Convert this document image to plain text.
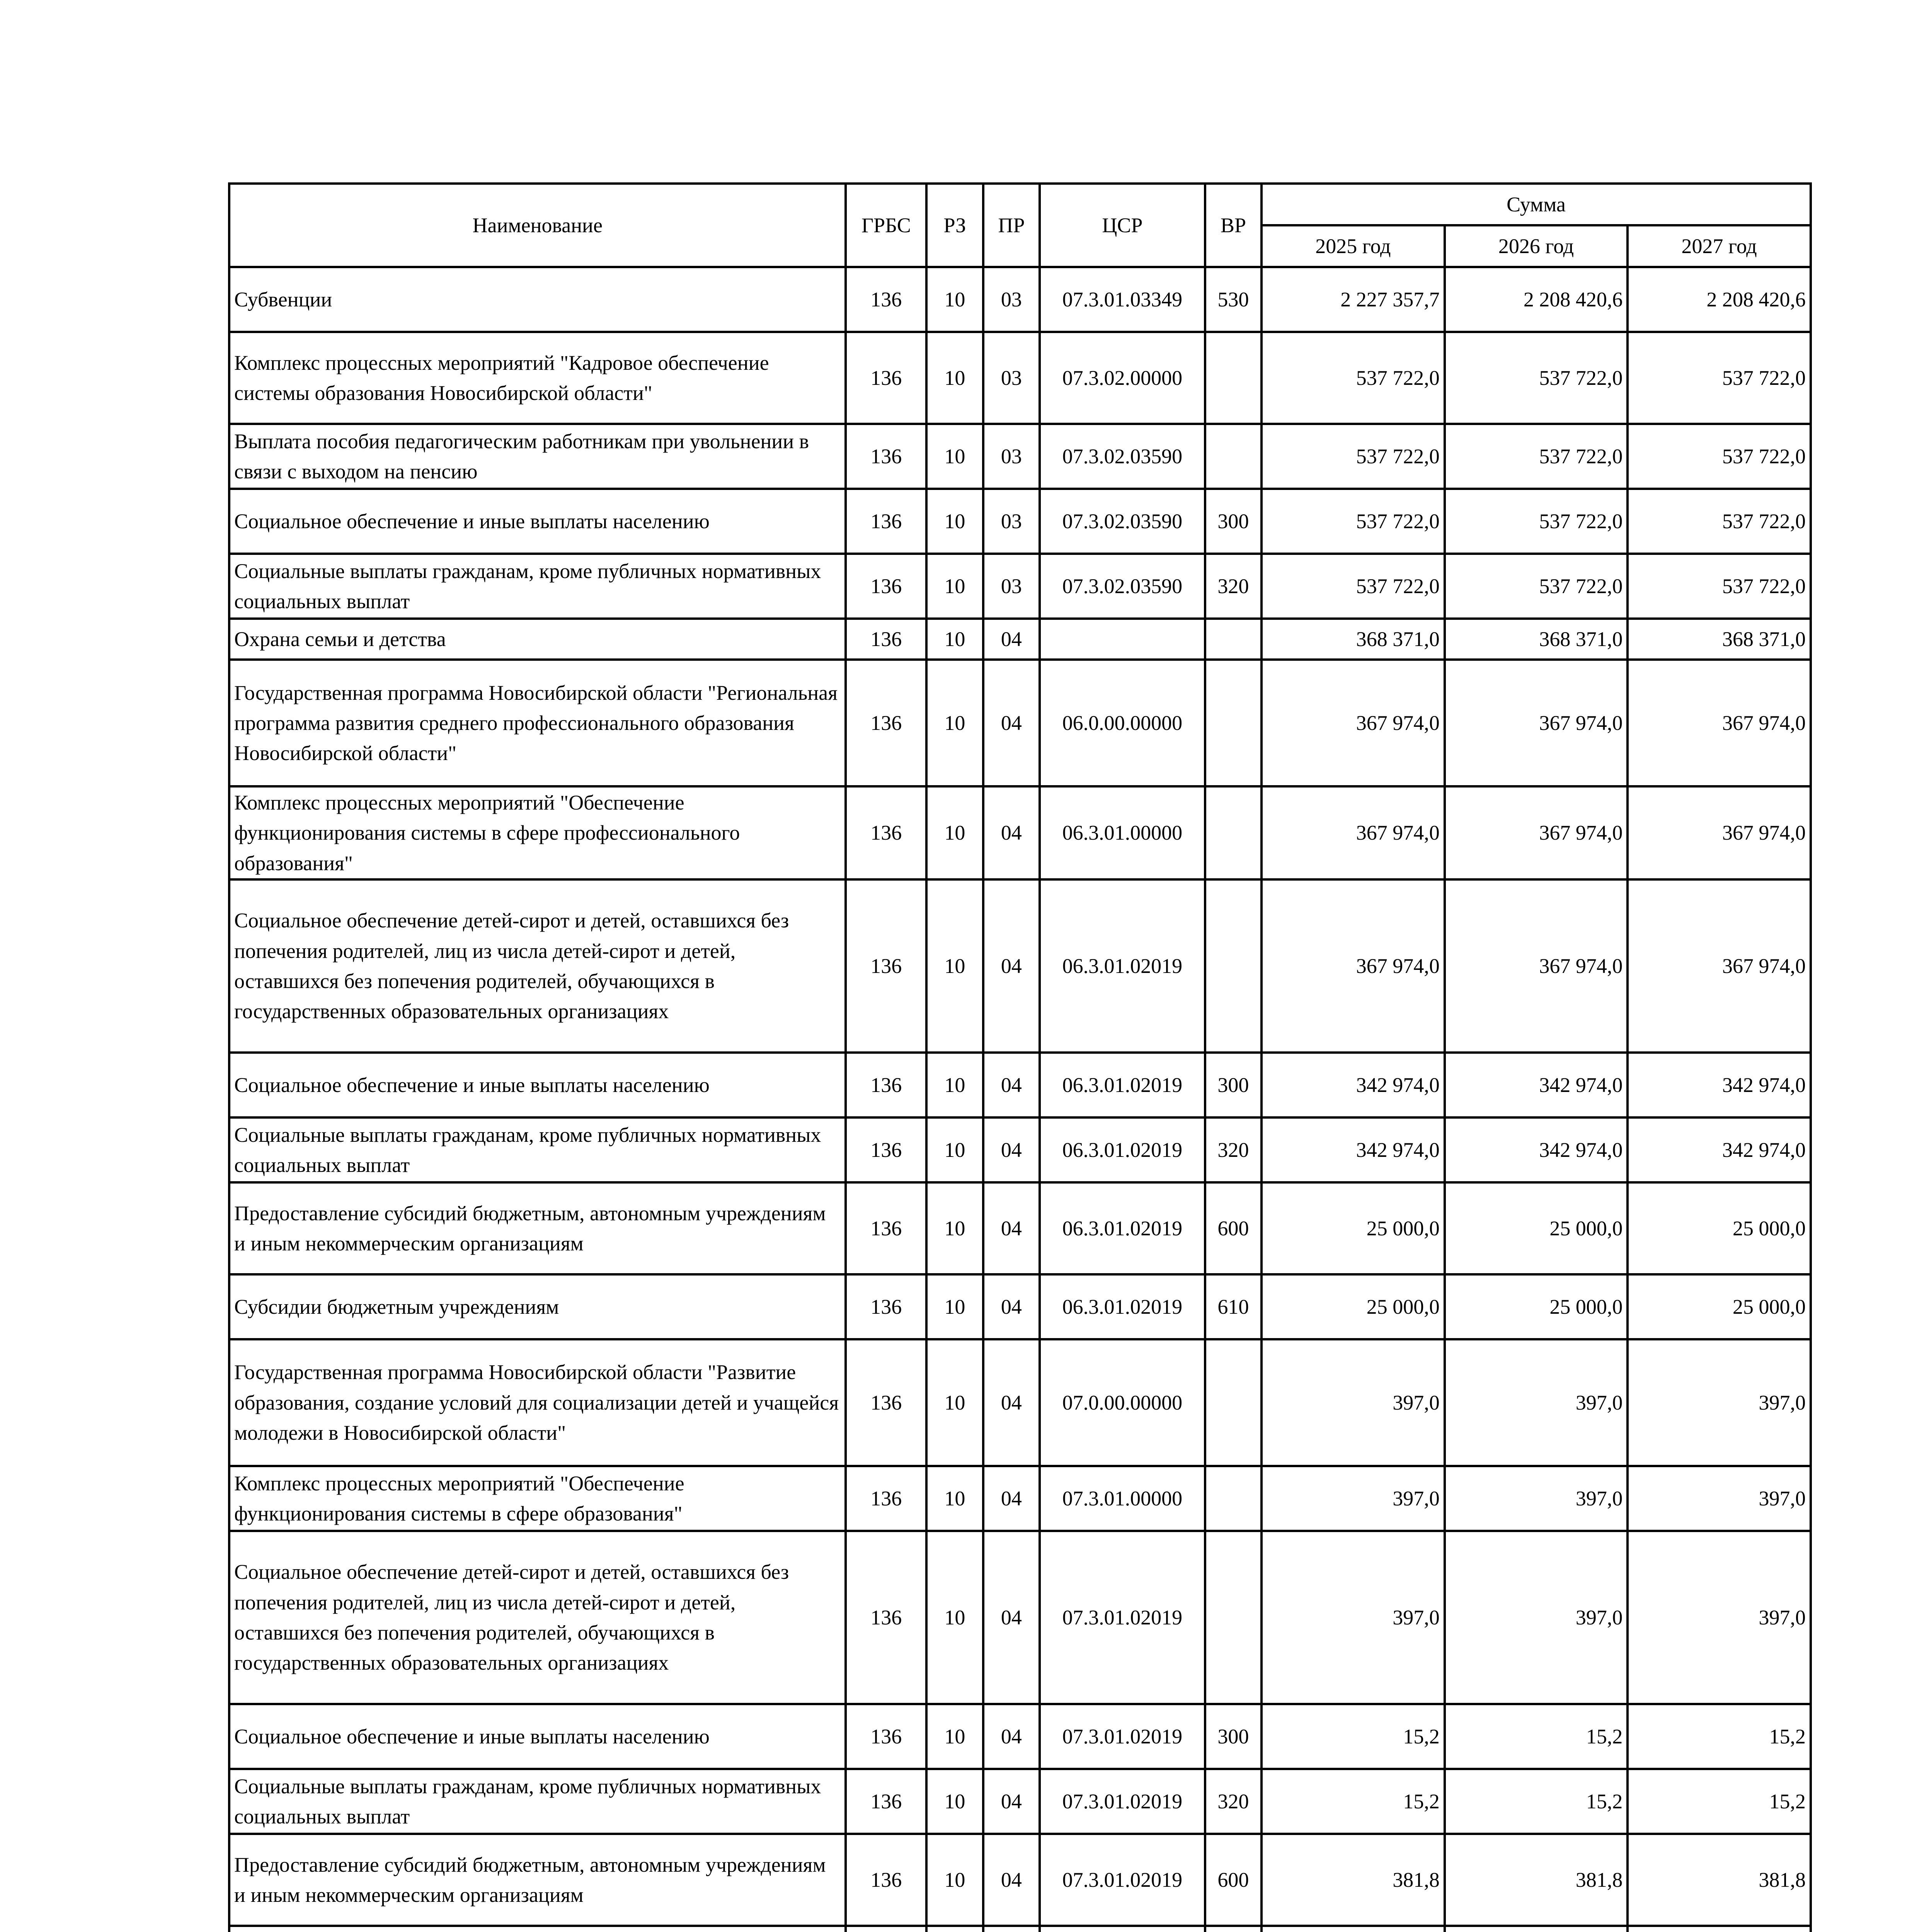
Наименование	ГРБС	РЗ	ПР	ЦСР	ВР	Сумма		
						2025 год	2026 год	2027 год
Субвенции	136	10	03	07.3.01.03349	530	2 227 357,7	2 208 420,6	2 208 420,6
Комплекс процессных мероприятий "Кадровое обеспечение системы образования Новосибирской области"	136	10	03	07.3.02.00000		537 722,0	537 722,0	537 722,0
Выплата пособия педагогическим работникам при увольнении в связи с выходом на пенсию	136	10	03	07.3.02.03590		537 722,0	537 722,0	537 722,0
Социальное обеспечение и иные выплаты населению	136	10	03	07.3.02.03590	300	537 722,0	537 722,0	537 722,0
Социальные выплаты гражданам, кроме публичных нормативных социальных выплат	136	10	03	07.3.02.03590	320	537 722,0	537 722,0	537 722,0
Охрана семьи и детства	136	10	04			368 371,0	368 371,0	368 371,0
Государственная программа Новосибирской области "Региональная программа развития среднего профессионального образования Новосибирской области"	136	10	04	06.0.00.00000		367 974,0	367 974,0	367 974,0
Комплекс процессных мероприятий "Обеспечение функционирования системы в сфере профессионального образования"	136	10	04	06.3.01.00000		367 974,0	367 974,0	367 974,0
Социальное обеспечение детей-сирот и детей, оставшихся без попечения родителей, лиц из числа детей-сирот и детей, оставшихся без попечения родителей, обучающихся в государственных образовательных организациях	136	10	04	06.3.01.02019		367 974,0	367 974,0	367 974,0
Социальное обеспечение и иные выплаты населению	136	10	04	06.3.01.02019	300	342 974,0	342 974,0	342 974,0
Социальные выплаты гражданам, кроме публичных нормативных социальных выплат	136	10	04	06.3.01.02019	320	342 974,0	342 974,0	342 974,0
Предоставление субсидий бюджетным, автономным учреждениям и иным некоммерческим организациям	136	10	04	06.3.01.02019	600	25 000,0	25 000,0	25 000,0
Субсидии бюджетным учреждениям	136	10	04	06.3.01.02019	610	25 000,0	25 000,0	25 000,0
Государственная программа Новосибирской области "Развитие образования, создание условий для социализации детей и учащейся молодежи в Новосибирской области"	136	10	04	07.0.00.00000		397,0	397,0	397,0
Комплекс процессных мероприятий "Обеспечение функционирования системы в сфере образования"	136	10	04	07.3.01.00000		397,0	397,0	397,0
Социальное обеспечение детей-сирот и детей, оставшихся без попечения родителей, лиц из числа детей-сирот и детей, оставшихся без попечения родителей, обучающихся в государственных образовательных организациях	136	10	04	07.3.01.02019		397,0	397,0	397,0
Социальное обеспечение и иные выплаты населению	136	10	04	07.3.01.02019	300	15,2	15,2	15,2
Социальные выплаты гражданам, кроме публичных нормативных социальных выплат	136	10	04	07.3.01.02019	320	15,2	15,2	15,2
Предоставление субсидий бюджетным, автономным учреждениям и иным некоммерческим организациям	136	10	04	07.3.01.02019	600	381,8	381,8	381,8
